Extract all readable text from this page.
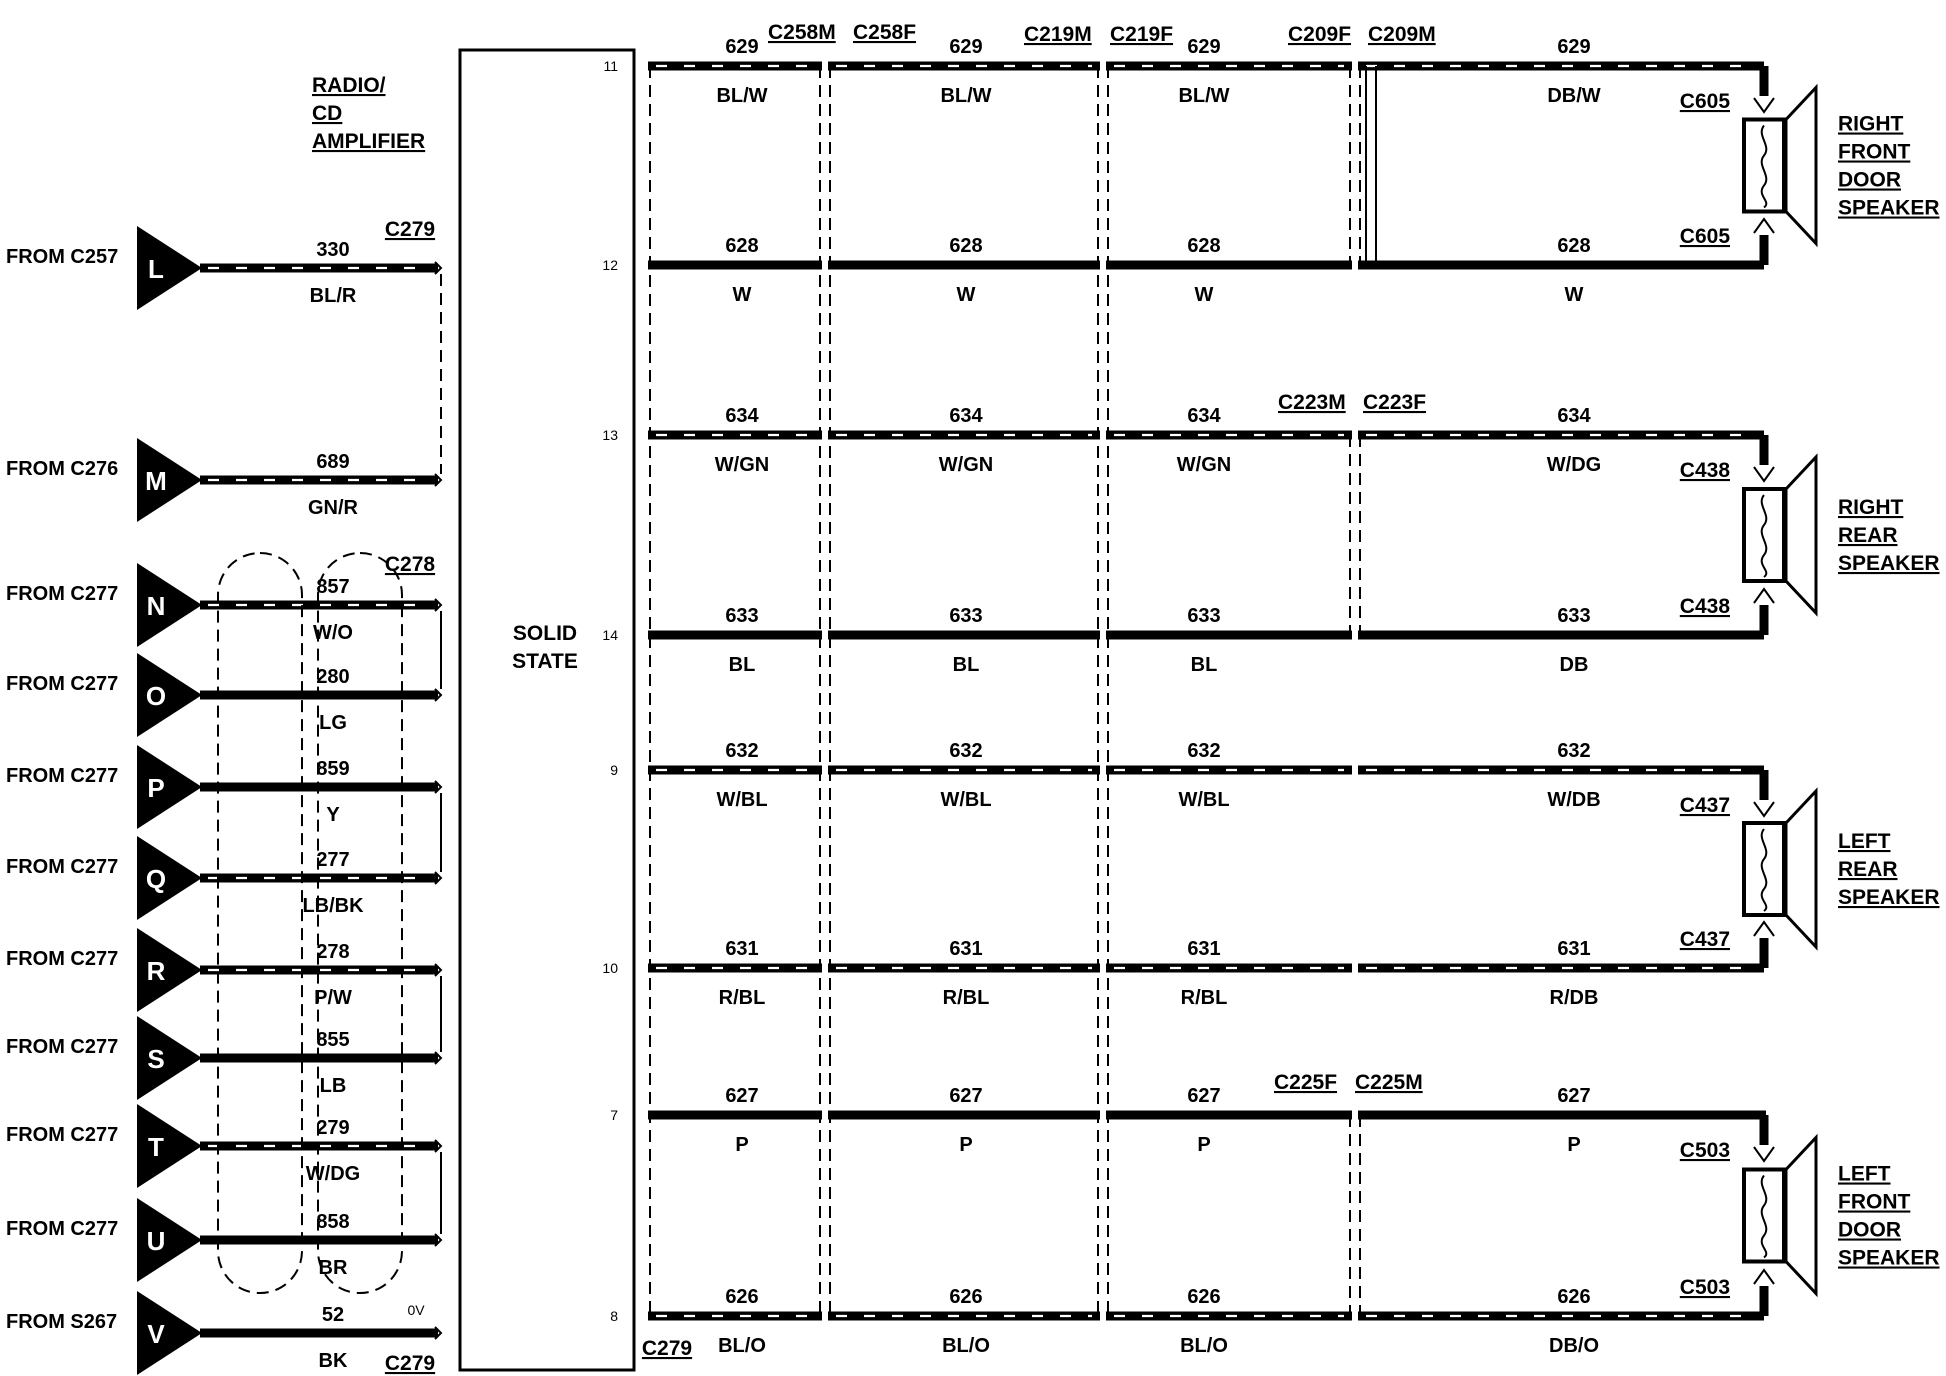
FROM C257 L
330
BL/R
FROM C276 M
689
GN/R
FROM C277 N
857
W/O
FROM C277 O
280
LG
FROM C277 P
859
Y
FROM C277 Q
277
LB/BK
FROM C277 R
278
P/W
FROM C277 S
855
LB
FROM C277 T
279
W/DG
FROM C277 U
858
BR
FROM S267 V
52
BK
RADIO/
CD
AMPLIFIER
SOLID
STATE
C279
C278
C279
C279
0V
11
629
BL/W
629
BL/W
629
BL/W
629
DB/W
12
628
W
628
W
628
W
628
W
13
634
W/GN
634
W/GN
634
W/GN
634
W/DG
14
633
BL
633
BL
633
BL
633
DB
9
632
W/BL
632
W/BL
632
W/BL
632
W/DB
10
631
R/BL
631
R/BL
631
R/BL
631
R/DB
7
627
P
627
P
627
P
627
P
8
626
BL/O
626
BL/O
626
BL/O
626
DB/O
C258M C258F	C219M C219F	C209F C209M
C223M C223F
C225F C225M
C605
C605
RIGHT
FRONT
DOOR
SPEAKER
C438
C438
RIGHT
REAR
SPEAKER
C437
C437
LEFT
REAR
SPEAKER
C503
C503
LEFT
FRONT
DOOR
SPEAKER
